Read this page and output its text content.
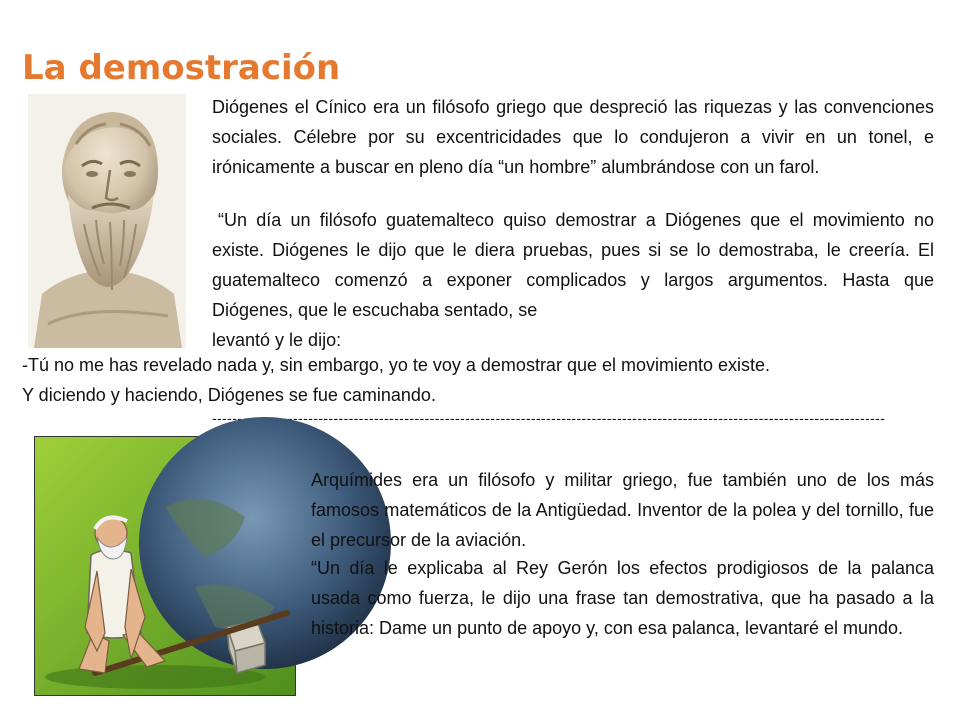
La demostración

Diógenes el Cínico era un filósofo griego que despreció las riquezas y las convenciones sociales. Célebre por su excentricidades que lo condujeron a vivir en un tonel, e irónicamente a buscar en pleno día “un hombre” alumbrándose con un farol.

“Un día un filósofo guatemalteco quiso demostrar a Diógenes que el movimiento no existe. Diógenes le dijo que le diera pruebas, pues si se lo demostraba, le creería. El guatemalteco comenzó a exponer complicados y largos argumentos. Hasta que Diógenes, que le escuchaba sentado, se
levantó y le dijo:

-Tú no me has revelado nada y, sin embargo, yo te voy a demostrar que el movimiento existe.
Y diciendo y haciendo, Diógenes se fue caminando.
-------------------------------------------------------------------------------------------------------------------------------------

Arquímides era un filósofo y militar griego, fue también uno de los más famosos matemáticos de la Antigüedad. Inventor de la polea y del tornillo, fue el precursor de la aviación.

“Un día le explicaba al Rey Gerón los efectos prodigiosos de la palanca usada como fuerza, le dijo una frase tan demostrativa, que ha pasado a la historia: Dame un punto de apoyo y, con esa palanca, levantaré el mundo.
